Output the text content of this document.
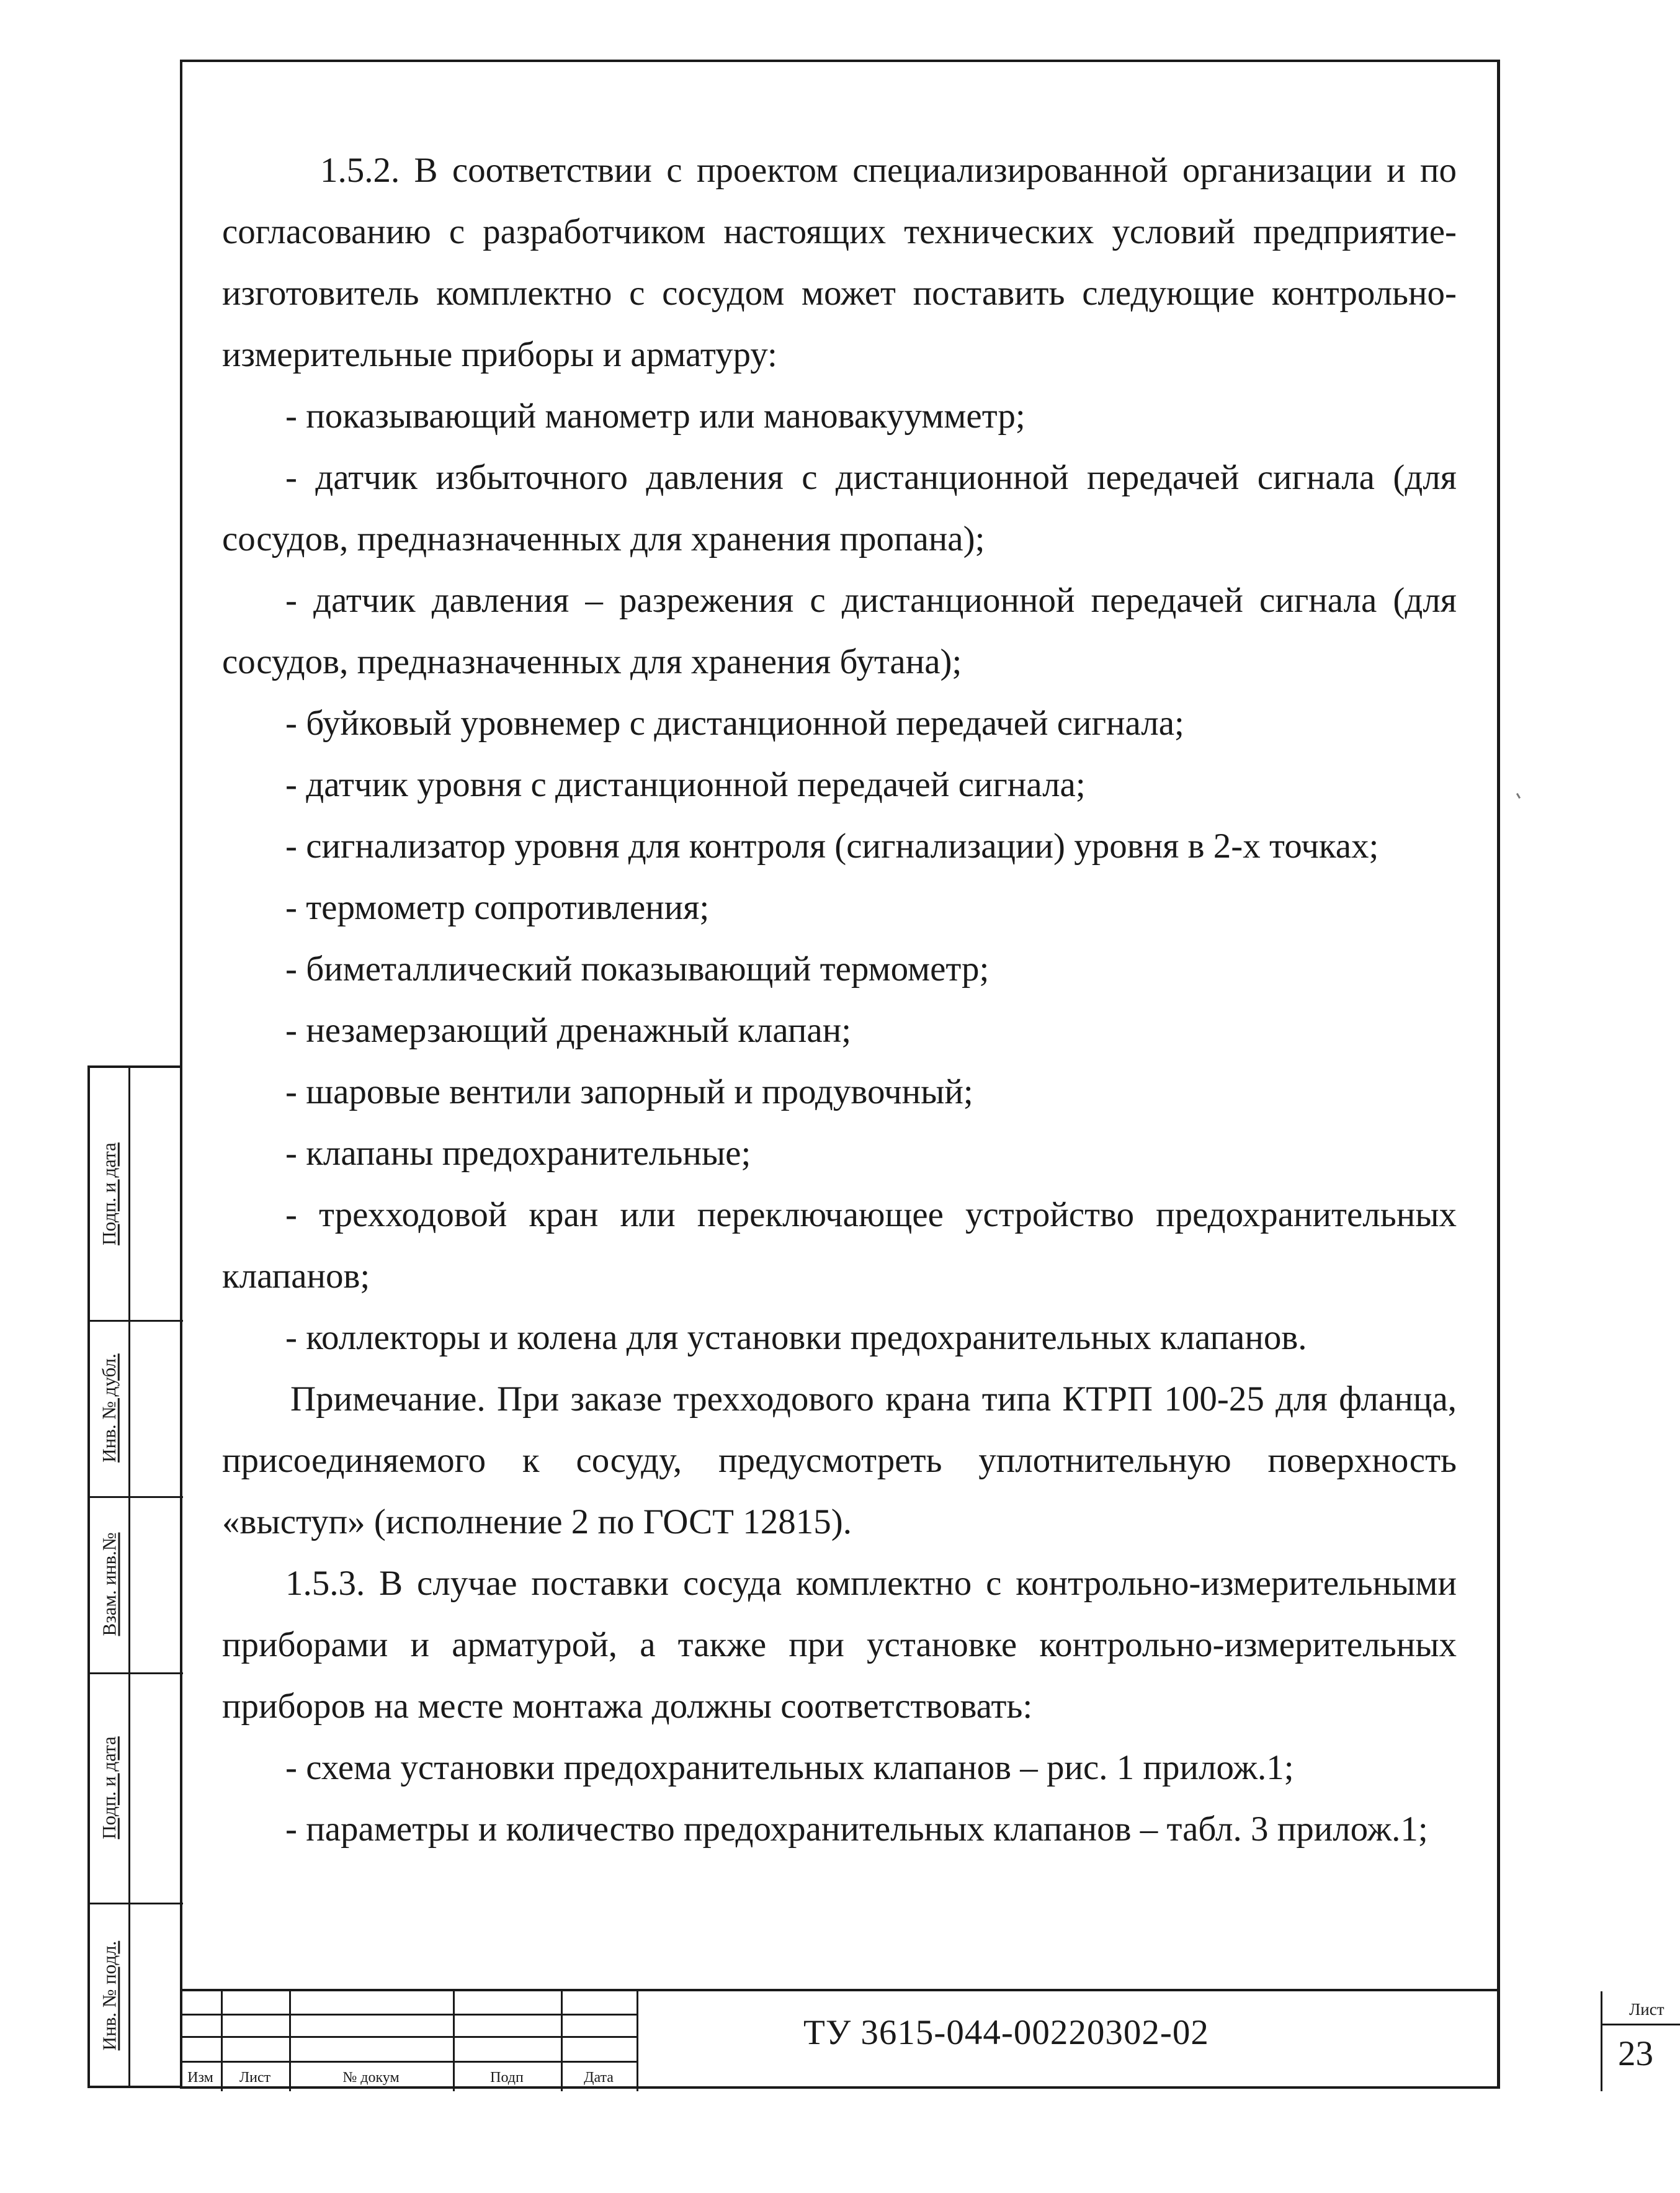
1.5.2. В соответствии с проектом специализированной организации и по согласованию с разработчиком настоящих технических условий предприятие-изготовитель комплектно с сосудом может поставить следующие контрольно-измерительные приборы и арматуру:

- показывающий манометр или мановакуумметр;

- датчик избыточного давления с дистанционной передачей сигнала (для сосудов, предназначенных для хранения пропана);

- датчик давления – разрежения с дистанционной передачей сигнала (для сосудов, предназначенных для хранения бутана);

- буйковый уровнемер с дистанционной передачей сигнала;

- датчик уровня с дистанционной передачей сигнала;

- сигнализатор уровня для контроля (сигнализации) уровня в 2-х точках;

- термометр сопротивления;

- биметаллический показывающий термометр;

- незамерзающий дренажный клапан;

- шаровые вентили запорный и продувочный;

- клапаны предохранительные;

- трехходовой кран или переключающее устройство предохранительных клапанов;

- коллекторы и колена для установки предохранительных клапанов.

Примечание. При заказе трехходового крана типа КТРП 100-25 для фланца, присоединяемого к сосуду, предусмотреть уплотнительную поверхность «выступ» (исполнение 2 по ГОСТ 12815).

1.5.3. В случае поставки сосуда комплектно с контрольно-измерительными приборами и арматурой, а также при установке контрольно-измерительных приборов на месте монтажа должны соответствовать:

- схема установки предохранительных клапанов – рис. 1 прилож.1;

- параметры и количество предохранительных клапанов – табл. 3 прилож.1;

Подп. и дата
Инв. № дубл.
Взам. инв.№
Подп. и дата
Инв. № подл.
Изм	Лист	№ докум	Подп	Дата
ТУ 3615-044-00220302-02
Лист
23
